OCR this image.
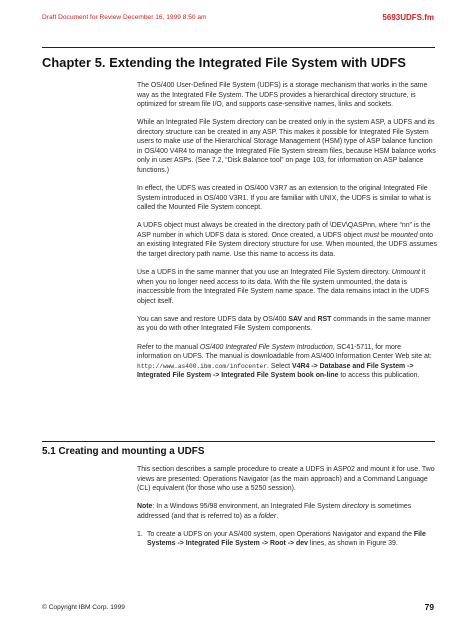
Draft Document for Review December 16, 1999 8:50 am	5693UDFS.fm
Chapter 5. Extending the Integrated File System with UDFS

The OS/400 User-Defined File System (UDFS) is a storage mechanism that works in the same way as the Integrated File System. The UDFS provides a hierarchical directory structure, is optimized for stream file I/O, and supports case-sensitive names, links and sockets.

While an Integrated File System directory can be created only in the system ASP, a UDFS and its directory structure can be created in any ASP. This makes it possible for Integrated File System users to make use of the Hierarchical Storage Management (HSM) type of ASP balance function in OS/400 V4R4 to manage the Integrated File System stream files, because HSM balance works only in user ASPs. (See 7.2, “Disk Balance tool” on page 103, for information on ASP balance functions.)

In effect, the UDFS was created in OS/400 V3R7 as an extension to the original Integrated File System introduced in OS/400 V3R1. If you are familiar with UNIX, the UDFS is similar to what is called the Mounted File System concept.

A UDFS object must always be created in the directory path of \DEV\QASPnn, where “nn” is the ASP number in which UDFS data is stored. Once created, a UDFS object must be mounted onto an existing Integrated File System directory structure for use. When mounted, the UDFS assumes the target directory path name. Use this name to access its data.

Use a UDFS in the same manner that you use an Integrated File System directory. Unmount it when you no longer need access to its data. With the file system unmounted, the data is inaccessible from the Integrated File System name space. The data remains intact in the UDFS object itself.

You can save and restore UDFS data by OS/400 SAV and RST commands in the same manner as you do with other Integrated File System components.

Refer to the manual OS/400 Integrated File System Introduction, SC41-5711, for more information on UDFS. The manual is downloadable from AS/400 Information Center Web site at: http://www.as400.ibm.com/infocenter. Select V4R4 -> Database and File System -> Integrated File System -> Integrated File System book on-line to access this publication.

5.1 Creating and mounting a UDFS

This section describes a sample procedure to create a UDFS in ASP02 and mount it for use. Two views are presented: Operations Navigator (as the main approach) and a Command Language (CL) equivalent (for those who use a 5250 session).

Note: In a Windows 95/98 environment, an Integrated File System directory is sometimes addressed (and that is referred to) as a folder.

1. To create a UDFS on your AS/400 system, open Operations Navigator and expand the File Systems -> Integrated File System -> Root -> dev lines, as shown in Figure 39.
© Copyright IBM Corp. 1999	79
